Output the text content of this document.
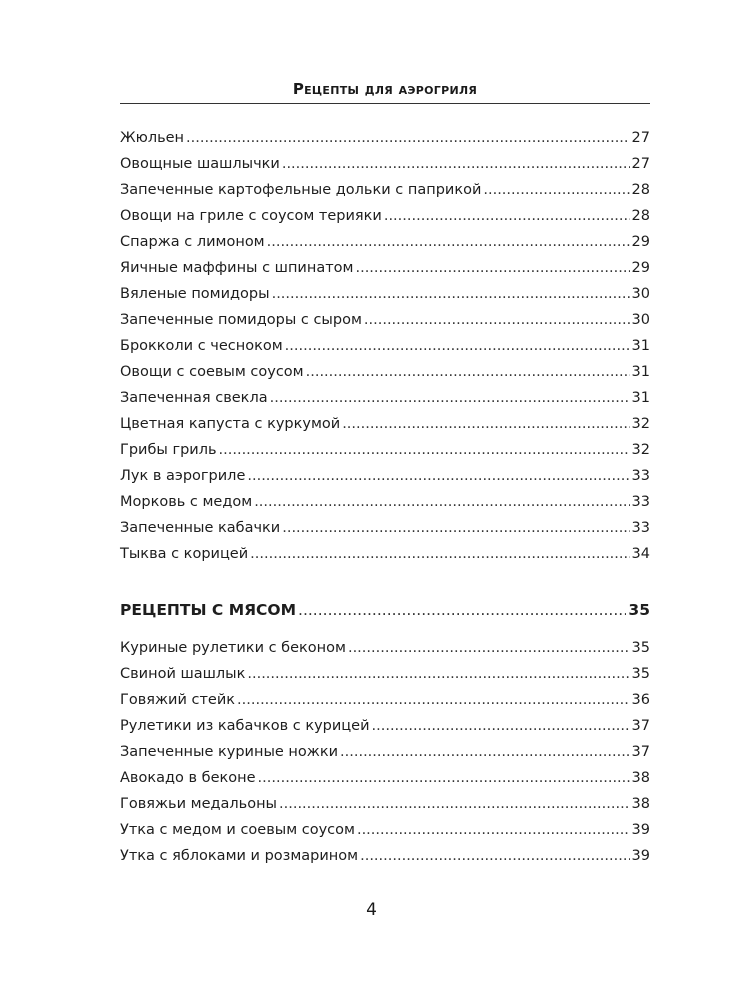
Рецепты для аэрогриля
Жюльен .....	27
Овощные шашлычки .....	27
Запеченные картофельные дольки с паприкой .....	28
Овощи на гриле с соусом терияки .....	28
Спаржа с лимоном .....	29
Яичные маффины с шпинатом .....	29
Вяленые помидоры .....	30
Запеченные помидоры с сыром .....	30
Брокколи с чесноком .....	31
Овощи с соевым соусом .....	31
Запеченная свекла .....	31
Цветная капуста с куркумой .....	32
Грибы гриль .....	32
Лук в аэрогриле .....	33
Морковь с медом .....	33
Запеченные кабачки .....	33
Тыква с корицей .....	34
РЕЦЕПТЫ С МЯСОМ .....	35
Куриные рулетики с беконом .....	35
Свиной шашлык .....	35
Говяжий стейк .....	36
Рулетики из кабачков с курицей .....	37
Запеченные куриные ножки .....	37
Авокадо в беконе .....	38
Говяжьи медальоны .....	38
Утка с медом и соевым соусом .....	39
Утка с яблоками и розмарином .....	39
4
